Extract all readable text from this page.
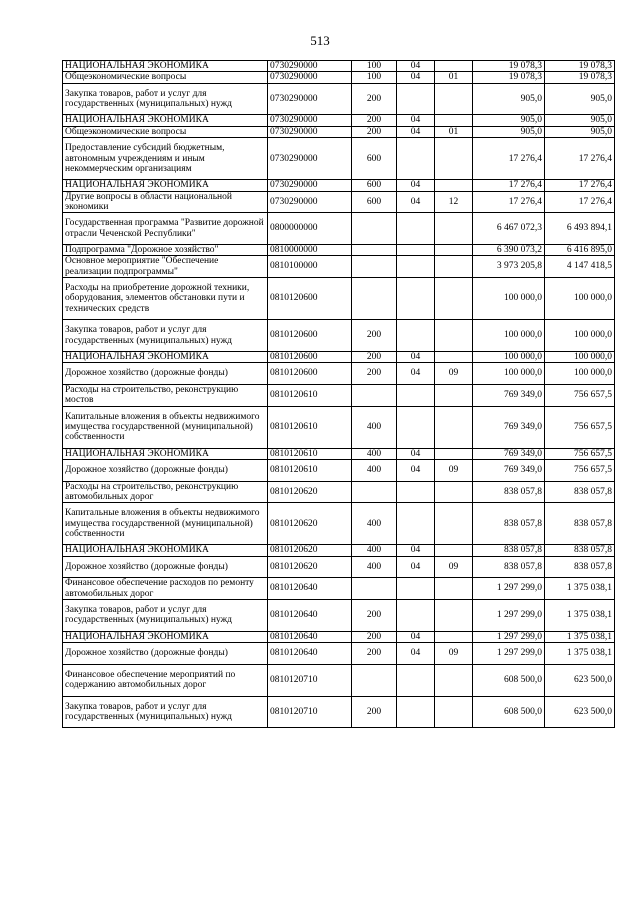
513
НАЦИОНАЛЬНАЯ ЭКОНОМИКА	0730290000	100	04		19 078,3	19 078,3
Общеэкономические вопросы	0730290000	100	04	01	19 078,3	19 078,3
Закупка товаров, работ и услуг для государственных (муниципальных) нужд	0730290000	200			905,0	905,0
НАЦИОНАЛЬНАЯ ЭКОНОМИКА	0730290000	200	04		905,0	905,0
Общеэкономические вопросы	0730290000	200	04	01	905,0	905,0
Предоставление субсидий бюджетным, автономным учреждениям и иным некоммерческим организациям	0730290000	600			17 276,4	17 276,4
НАЦИОНАЛЬНАЯ ЭКОНОМИКА	0730290000	600	04		17 276,4	17 276,4
Другие вопросы в области национальной экономики	0730290000	600	04	12	17 276,4	17 276,4
Государственная программа "Развитие дорожной отрасли Чеченской Республики"	0800000000				6 467 072,3	6 493 894,1
Подпрограмма "Дорожное хозяйство"	0810000000				6 390 073,2	6 416 895,0
Основное мероприятие "Обеспечение реализации подпрограммы"	0810100000				3 973 205,8	4 147 418,5
Расходы на приобретение дорожной техники, оборудования, элементов обстановки пути и технических средств	0810120600				100 000,0	100 000,0
Закупка товаров, работ и услуг для государственных (муниципальных) нужд	0810120600	200			100 000,0	100 000,0
НАЦИОНАЛЬНАЯ ЭКОНОМИКА	0810120600	200	04		100 000,0	100 000,0
Дорожное хозяйство (дорожные фонды)	0810120600	200	04	09	100 000,0	100 000,0
Расходы на строительство, реконструкцию мостов	0810120610				769 349,0	756 657,5
Капитальные вложения в объекты недвижимого имущества государственной (муниципальной) собственности	0810120610	400			769 349,0	756 657,5
НАЦИОНАЛЬНАЯ ЭКОНОМИКА	0810120610	400	04		769 349,0	756 657,5
Дорожное хозяйство (дорожные фонды)	0810120610	400	04	09	769 349,0	756 657,5
Расходы на строительство, реконструкцию автомобильных дорог	0810120620				838 057,8	838 057,8
Капитальные вложения в объекты недвижимого имущества государственной (муниципальной) собственности	0810120620	400			838 057,8	838 057,8
НАЦИОНАЛЬНАЯ ЭКОНОМИКА	0810120620	400	04		838 057,8	838 057,8
Дорожное хозяйство (дорожные фонды)	0810120620	400	04	09	838 057,8	838 057,8
Финансовое обеспечение расходов по ремонту автомобильных дорог	0810120640				1 297 299,0	1 375 038,1
Закупка товаров, работ и услуг для государственных (муниципальных) нужд	0810120640	200			1 297 299,0	1 375 038,1
НАЦИОНАЛЬНАЯ ЭКОНОМИКА	0810120640	200	04		1 297 299,0	1 375 038,1
Дорожное хозяйство (дорожные фонды)	0810120640	200	04	09	1 297 299,0	1 375 038,1
Финансовое обеспечение мероприятий по содержанию автомобильных дорог	0810120710				608 500,0	623 500,0
Закупка товаров, работ и услуг для государственных (муниципальных) нужд	0810120710	200			608 500,0	623 500,0
